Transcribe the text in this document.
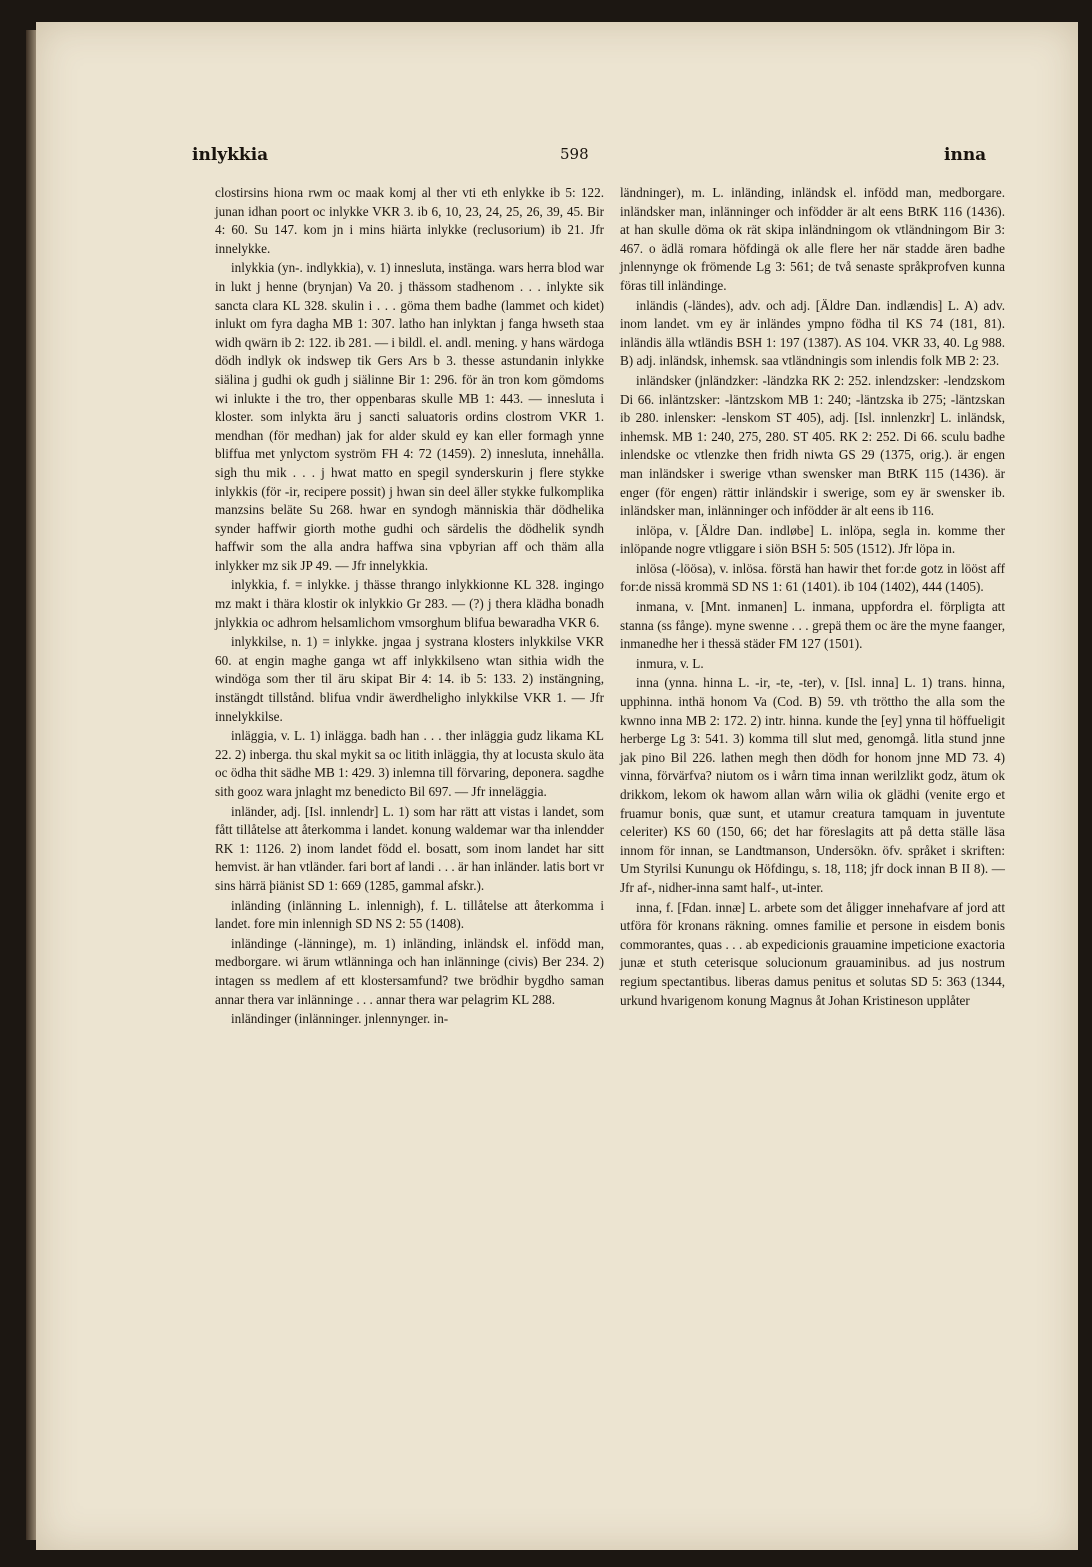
inlykkia	598	inna

clostirsins hiona rwm oc maak komj al ther vti eth enlykke ib 5: 122. junan idhan poort oc inlykke VKR 3. ib 6, 10, 23, 24, 25, 26, 39, 45. Bir 4: 60. Su 147. kom jn i mins hiärta inlykke (reclusorium) ib 21. Jfr innelykke.

inlykkia (yn-. indlykkia), v. 1) innesluta, instänga. wars herra blod war in lukt j henne (brynjan) Va 20. j thässom stadhenom . . . inlykte sik sancta clara KL 328. skulin i . . . göma them badhe (lammet och kidet) inlukt om fyra dagha MB 1: 307. latho han inlyktan j fanga hwseth staa widh qwärn ib 2: 122. ib 281. — i bildl. el. andl. mening. y hans wärdoga dödh indlyk ok indswep tik Gers Ars b 3. thesse astundanin inlykke siälina j gudhi ok gudh j siälinne Bir 1: 296. för än tron kom gömdoms wi inlukte i the tro, ther oppenbaras skulle MB 1: 443. — innesluta i kloster. som inlykta äru j sancti saluatoris ordins clostrom VKR 1. mendhan (för medhan) jak for alder skuld ey kan eller formagh ynne bliffua met ynlyctom syström FH 4: 72 (1459). 2) innesluta, innehålla. sigh thu mik . . . j hwat matto en spegil synderskurin j flere stykke inlykkis (för -ir, recipere possit) j hwan sin deel äller stykke fulkomplika manzsins beläte Su 268. hwar en syndogh människia thär dödhelika synder haffwir giorth mothe gudhi och särdelis the dödhelik syndh haffwir som the alla andra haffwa sina vpbyrian aff och thäm alla inlykker mz sik JP 49. — Jfr innelykkia.

inlykkia, f. = inlykke. j thässe thrango inlykkionne KL 328. ingingo mz makt i thära klostir ok inlykkio Gr 283. — (?) j thera klädha bonadh jnlykkia oc adhrom helsamlichom vmsorghum blifua bewaradha VKR 6.

inlykkilse, n. 1) = inlykke. jngaa j systrana klosters inlykkilse VKR 60. at engin maghe ganga wt aff inlykkilseno wtan sithia widh the windöga som ther til äru skipat Bir 4: 14. ib 5: 133. 2) instängning, instängdt tillstånd. blifua vndir äwerdheligho inlykkilse VKR 1. — Jfr innelykkilse.

inläggia, v. L. 1) inlägga. badh han . . . ther inläggia gudz likama KL 22. 2) inberga. thu skal mykit sa oc litith inläggia, thy at locusta skulo äta oc ödha thit sädhe MB 1: 429. 3) inlemna till förvaring, deponera. sagdhe sith gooz wara jnlaght mz benedicto Bil 697. — Jfr inneläggia.

inländer, adj. [Isl. innlendr] L. 1) som har rätt att vistas i landet, som fått tillåtelse att återkomma i landet. konung waldemar war tha inlendder RK 1: 1126. 2) inom landet född el. bosatt, som inom landet har sitt hemvist. är han vtländer. fari bort af landi . . . är han inländer. latis bort vr sins härrä þiänist SD 1: 669 (1285, gammal afskr.).

inländing (inlänning L. inlennigh), f. L. tillåtelse att återkomma i landet. fore min inlennigh SD NS 2: 55 (1408).

inländinge (-länninge), m. 1) inländing, inländsk el. infödd man, medborgare. wi ärum wtlänninga och han inlänninge (civis) Ber 234. 2) intagen ss medlem af ett klostersamfund? twe brödhir bygdho saman annar thera var inlänninge . . . annar thera war pelagrim KL 288.

inländinger (inlänninger. jnlennynger. in-

ländninger), m. L. inländing, inländsk el. infödd man, medborgare. inländsker man, inlänninger och infödder är alt eens BtRK 116 (1436). at han skulle döma ok rät skipa inländningom ok vtländningom Bir 3: 467. o ädlä romara höfdingä ok alle flere her när stadde ären badhe jnlennynge ok frömende Lg 3: 561; de två senaste språkprofven kunna föras till inländinge.

inländis (-ländes), adv. och adj. [Äldre Dan. indlændis] L. A) adv. inom landet. vm ey är inländes ympno födha til KS 74 (181, 81). inländis älla wtländis BSH 1: 197 (1387). AS 104. VKR 33, 40. Lg 988. B) adj. inländsk, inhemsk. saa vtländningis som inlendis folk MB 2: 23.

inländsker (jnländzker: -ländzka RK 2: 252. inlendzsker: -lendzskom Di 66. inläntzsker: -läntzskom MB 1: 240; -läntzska ib 275; -läntzskan ib 280. inlensker: -lenskom ST 405), adj. [Isl. innlenzkr] L. inländsk, inhemsk. MB 1: 240, 275, 280. ST 405. RK 2: 252. Di 66. sculu badhe inlendske oc vtlenzke then fridh niwta GS 29 (1375, orig.). är engen man inländsker i swerige vthan swensker man BtRK 115 (1436). är enger (för engen) rättir inländskir i swerige, som ey är swensker ib. inländsker man, inlänninger och infödder är alt eens ib 116.

inlöpa, v. [Äldre Dan. indløbe] L. inlöpa, segla in. komme ther inlöpande nogre vtliggare i siön BSH 5: 505 (1512). Jfr löpa in.

inlösa (-löösa), v. inlösa. förstä han hawir thet for:de gotz in lööst aff for:de nissä krommä SD NS 1: 61 (1401). ib 104 (1402), 444 (1405).

inmana, v. [Mnt. inmanen] L. inmana, uppfordra el. förpligta att stanna (ss fånge). myne swenne . . . grepä them oc äre the myne faanger, inmanedhe her i thessä städer FM 127 (1501).

inmura, v. L.

inna (ynna. hinna L. -ir, -te, -ter), v. [Isl. inna] L. 1) trans. hinna, upphinna. inthä honom Va (Cod. B) 59. vth tröttho the alla som the kwnno inna MB 2: 172. 2) intr. hinna. kunde the [ey] ynna til höffueligit herberge Lg 3: 541. 3) komma till slut med, genomgå. litla stund jnne jak pino Bil 226. lathen megh then dödh for honom jnne MD 73. 4) vinna, förvärfva? niutom os i wårn tima innan werilzlikt godz, ätum ok drikkom, lekom ok hawom allan wårn wilia ok glädhi (venite ergo et fruamur bonis, quæ sunt, et utamur creatura tamquam in juventute celeriter) KS 60 (150, 66; det har föreslagits att på detta ställe läsa innom för innan, se Landtmanson, Undersökn. öfv. språket i skriften: Um Styrilsi Kunungu ok Höfdingu, s. 18, 118; jfr dock innan B II 8). — Jfr af-, nidher-inna samt half-, ut-inter.

inna, f. [Fdan. innæ] L. arbete som det åligger innehafvare af jord att utföra för kronans räkning. omnes familie et persone in eisdem bonis commorantes, quas . . . ab expedicionis grauamine impeticione exactoria junæ et stuth ceterisque solucionum grauaminibus. ad jus nostrum regium spectantibus. liberas damus penitus et solutas SD 5: 363 (1344, urkund hvarigenom konung Magnus åt Johan Kristineson upplåter
